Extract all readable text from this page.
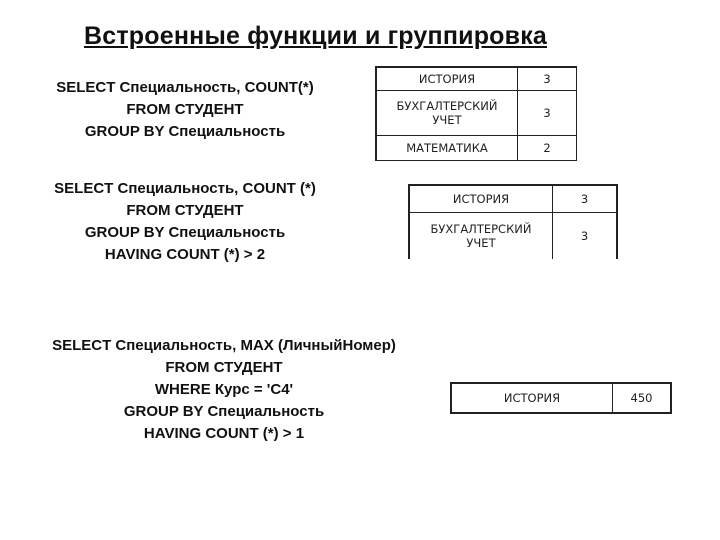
Встроенные функции и группировка
SELECT Специальность, COUNT(*)
FROM СТУДЕНТ
GROUP BY Специальность
ИСТОРИЯ	3

БУХГАЛТЕРСКИЙ
УЧЕТ	3
МАТЕМАТИКА	2
SELECT Специальность, COUNT (*)
FROM СТУДЕНТ
GROUP BY Специальность
HAVING COUNT (*) > 2
ИСТОРИЯ	3

БУХГАЛТЕРСКИЙ
УЧЕТ	3
SELECT Специальность, MAX (ЛичныйНомер)
FROM СТУДЕНТ
WHERE Курс = 'С4'
GROUP BY Специальность
HAVING COUNT (*) > 1
ИСТОРИЯ	450
